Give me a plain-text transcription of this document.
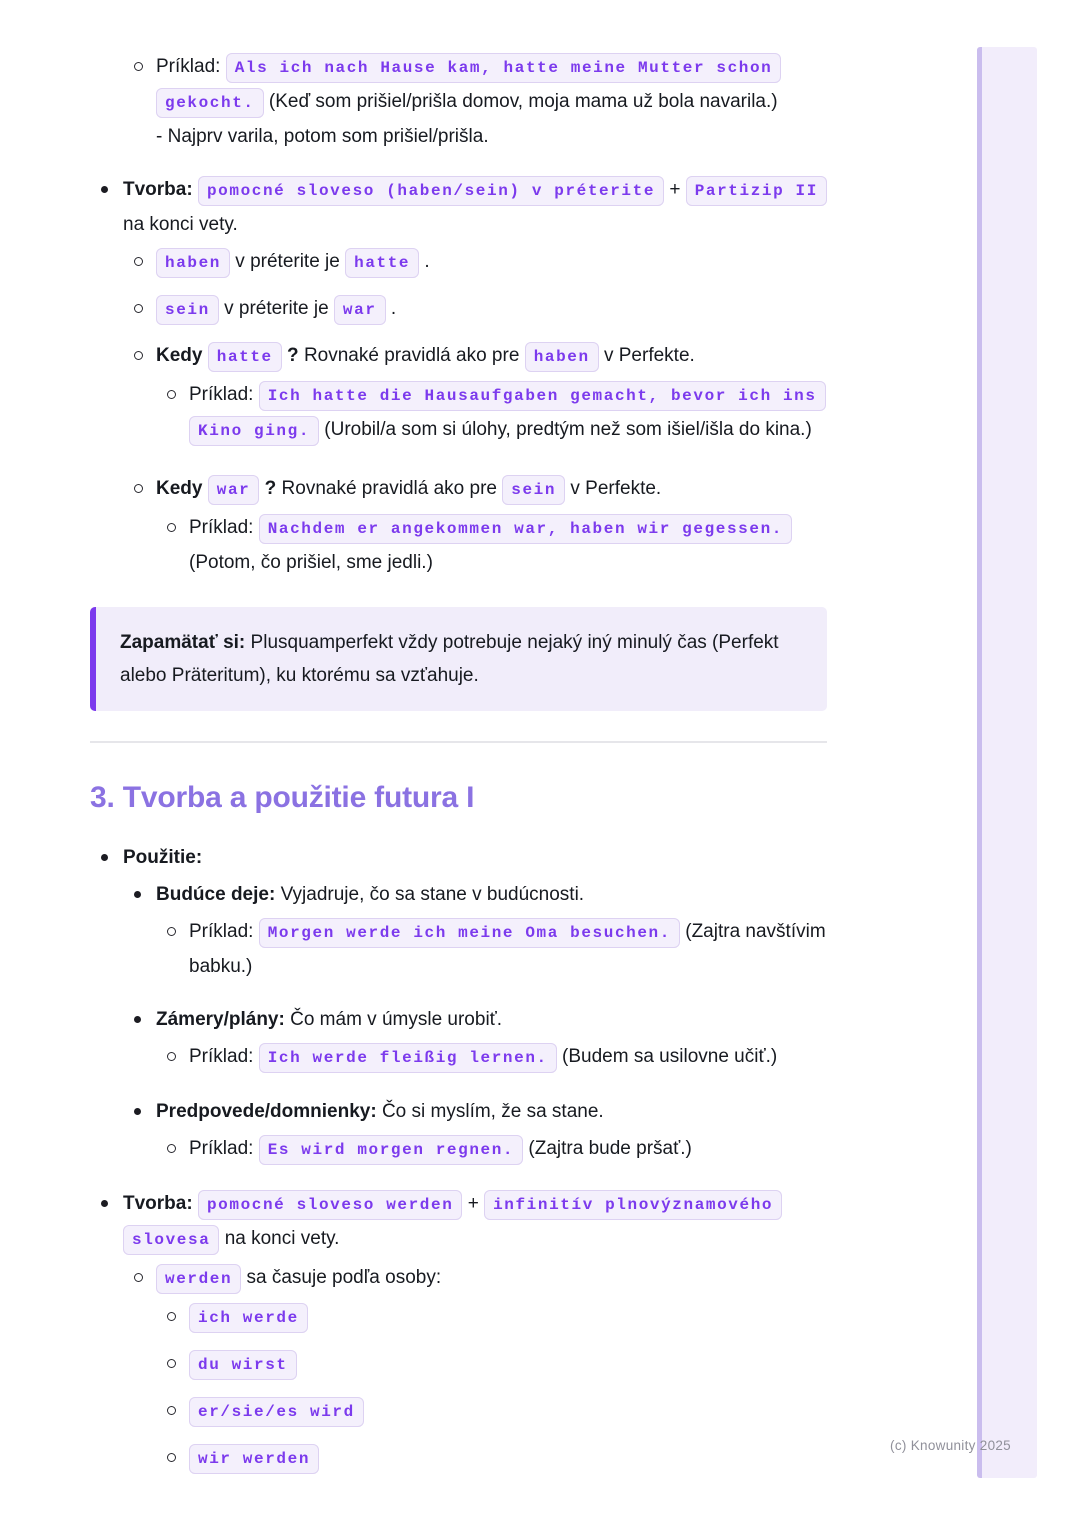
Príklad: Als ich nach Hause kam, hatte meine Mutter schon gekocht. (Keď som prišiel/prišla domov, moja mama už bola navarila.)
- Najprv varila, potom som prišiel/prišla.
Tvorba: pomocné sloveso (haben/sein) v préterite + Partizip II na konci vety.
haben v préterite je hatte .
sein v préterite je war .
Kedy hatte ? Rovnaké pravidlá ako pre haben v Perfekte.
Príklad: Ich hatte die Hausaufgaben gemacht, bevor ich ins Kino ging. (Urobil/a som si úlohy, predtým než som išiel/išla do kina.)
Kedy war ? Rovnaké pravidlá ako pre sein v Perfekte.
Príklad: Nachdem er angekommen war, haben wir gegessen. (Potom, čo prišiel, sme jedli.)
Zapamätať si: Plusquamperfekt vždy potrebuje nejaký iný minulý čas (Perfekt alebo Präteritum), ku ktorému sa vzťahuje.
3. Tvorba a použitie futura I
Použitie:
Budúce deje: Vyjadruje, čo sa stane v budúcnosti.
Príklad: Morgen werde ich meine Oma besuchen. (Zajtra navštívim babku.)
Zámery/plány: Čo mám v úmysle urobiť.
Príklad: Ich werde fleißig lernen. (Budem sa usilovne učiť.)
Predpovede/domnienky: Čo si myslím, že sa stane.
Príklad: Es wird morgen regnen. (Zajtra bude pršať.)
Tvorba: pomocné sloveso werden + infinitív plnovýznamového slovesa na konci vety.
werden sa časuje podľa osoby:
ich werde
du wirst
er/sie/es wird
wir werden
(c) Knowunity 2025
